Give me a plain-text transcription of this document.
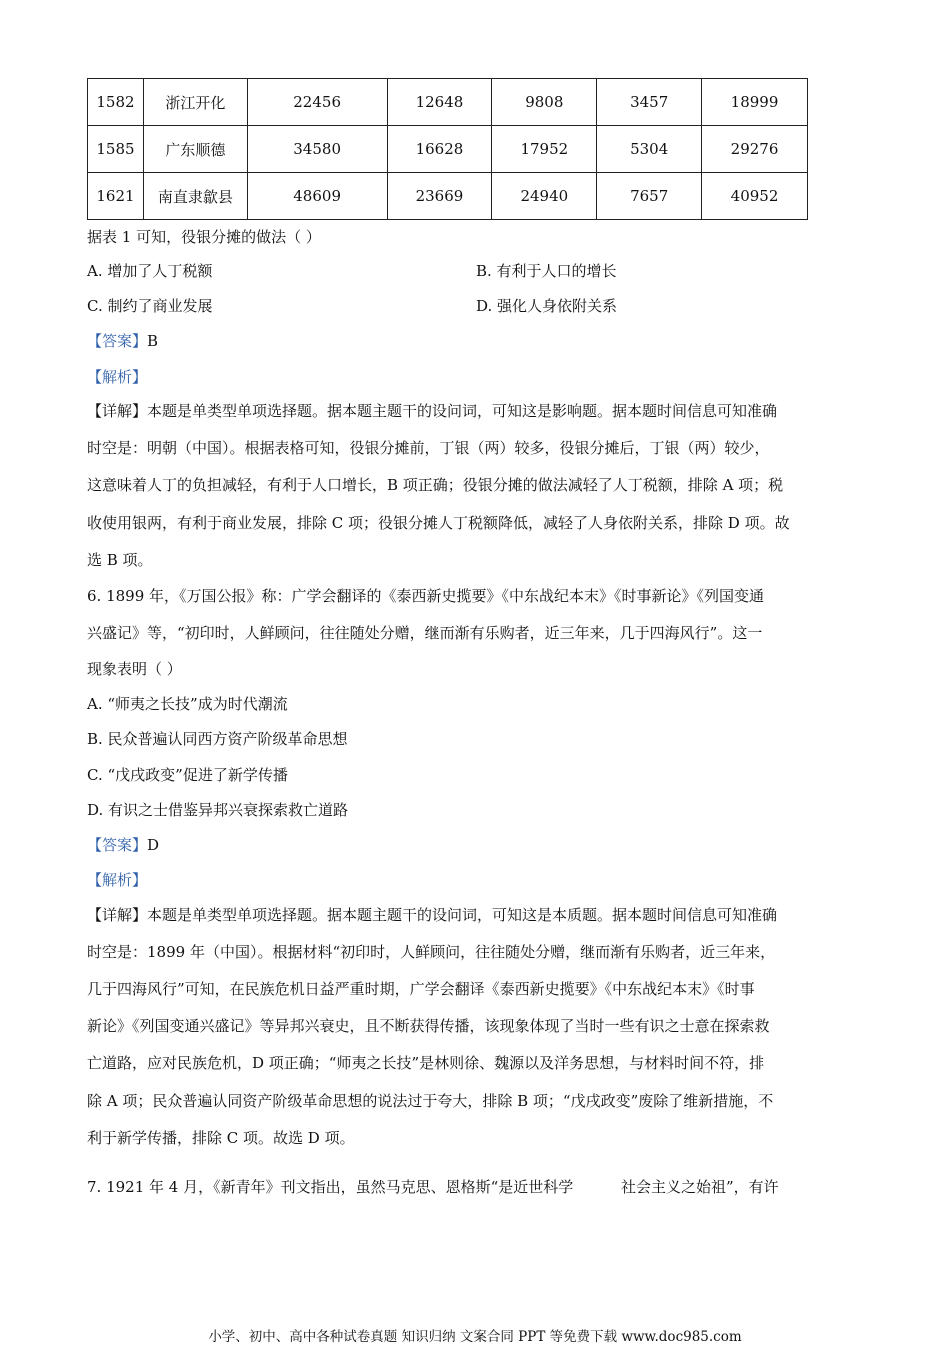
1582	浙江开化	22456	12648	9808	3457	18999
1585	广东顺德	34580	16628	17952	5304	29276
1621	南直隶歙县	48609	23669	24940	7657	40952
据表 1 可知，役银分摊的做法（ ）
A. 增加了人丁税额	B. 有利于人口的增长
C. 制约了商业发展	D. 强化人身依附关系
【答案】B
【解析】
【详解】本题是单类型单项选择题。据本题主题干的设问词，可知这是影响题。据本题时间信息可知准确
时空是：明朝（中国）。根据表格可知，役银分摊前，丁银（两）较多，役银分摊后，丁银（两）较少，
这意味着人丁的负担减轻，有利于人口增长，B 项正确；役银分摊的做法减轻了人丁税额，排除 A 项；税
收使用银两，有利于商业发展，排除 C 项；役银分摊人丁税额降低，减轻了人身依附关系，排除 D 项。故
选 B 项。
6. 1899 年，《万国公报》称：广学会翻译的《泰西新史揽要》《中东战纪本末》《时事新论》《列国变通
兴盛记》等，“初印时，人鲜顾问，往往随处分赠，继而渐有乐购者，近三年来，几于四海风行”。这一
现象表明（ ）
A. “师夷之长技”成为时代潮流
B. 民众普遍认同西方资产阶级革命思想
C. “戊戌政变”促进了新学传播
D. 有识之士借鉴异邦兴衰探索救亡道路
【答案】D
【解析】
【详解】本题是单类型单项选择题。据本题主题干的设问词，可知这是本质题。据本题时间信息可知准确
时空是：1899 年（中国）。根据材料“初印时，人鲜顾问，往往随处分赠，继而渐有乐购者，近三年来，
几于四海风行”可知，在民族危机日益严重时期，广学会翻译《泰西新史揽要》《中东战纪本末》《时事
新论》《列国变通兴盛记》等异邦兴衰史，且不断获得传播，该现象体现了当时一些有识之士意在探索救
亡道路，应对民族危机，D 项正确；“师夷之长技”是林则徐、魏源以及洋务思想，与材料时间不符，排
除 A 项；民众普遍认同资产阶级革命思想的说法过于夸大，排除 B 项；“戊戌政变”废除了维新措施，不
利于新学传播，排除 C 项。故选 D 项。
7. 1921 年 4 月，《新青年》刊文指出，虽然马克思、恩格斯“是近世科学          社会主义之始祖”，有许
小学、初中、高中各种试卷真题 知识归纳 文案合同 PPT 等免费下载 www.doc985.com
